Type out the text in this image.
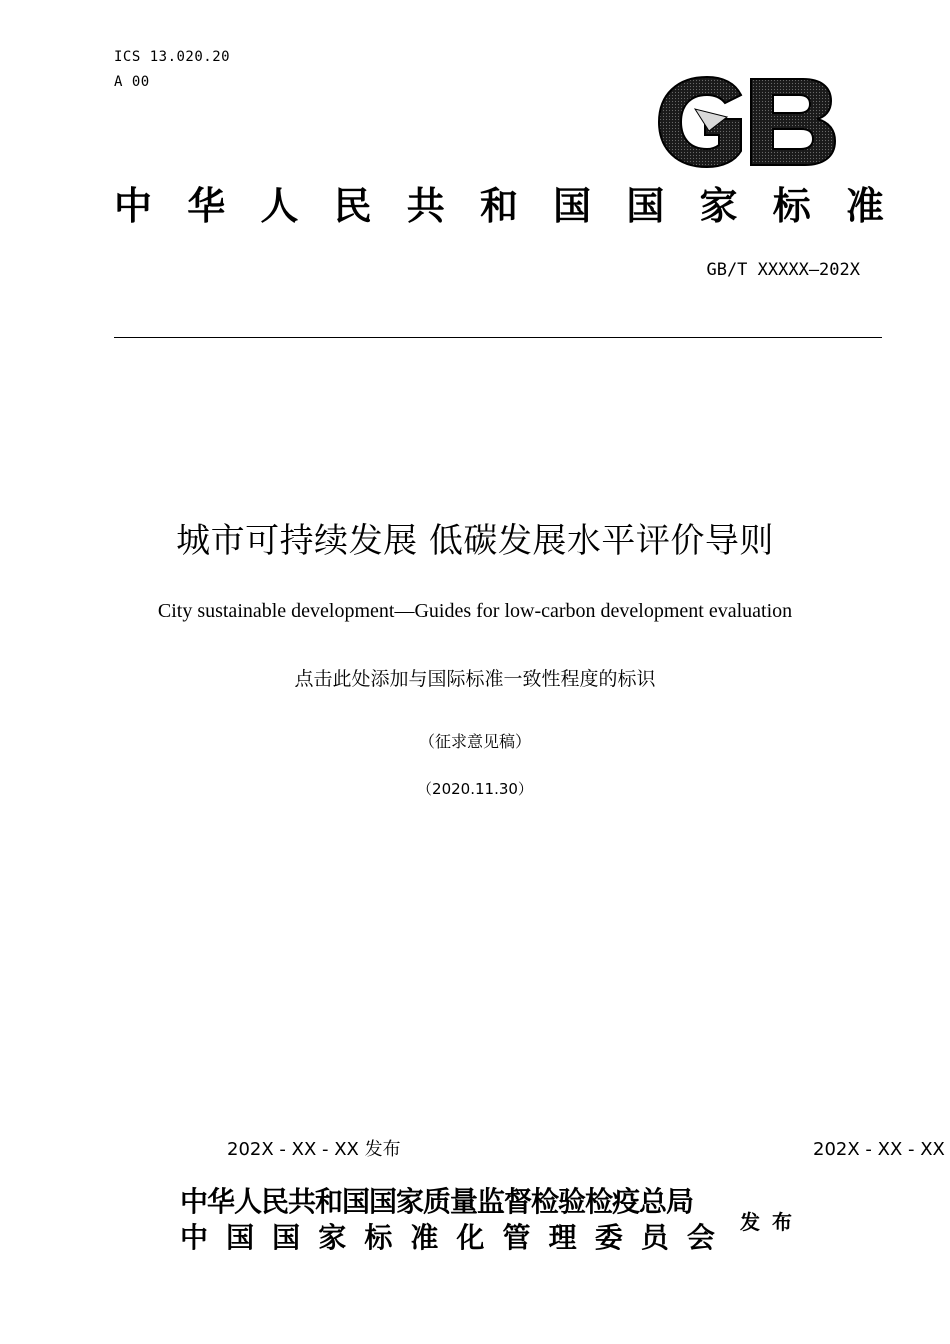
ICS 13.020.20
A 00
中 华 人 民 共 和 国 国 家 标 准
GB/T XXXXX—202X
城市可持续发展 低碳发展水平评价导则
City sustainable development—Guides for low-carbon development evaluation
点击此处添加与国际标准一致性程度的标识
（征求意见稿）
（2020.11.30）
202X - XX - XX 发布	202X - XX - XX
中华人民共和国国家质量监督检验检疫总局
中 国 国 家 标 准 化 管 理 委 员 会 发布
